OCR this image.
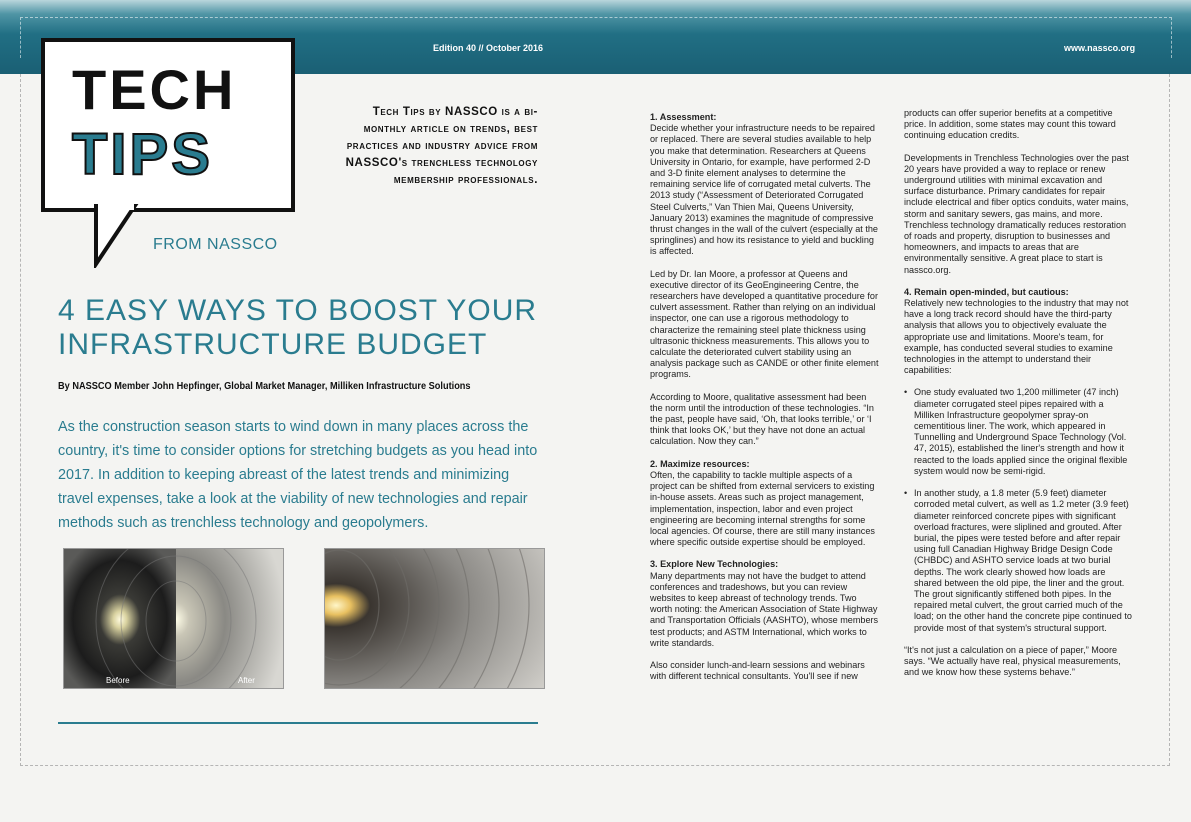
Edition 40 // October 2016	www.nassco.org
TECH
TIPS
FROM NASSCO
Tech Tips by NASSCO is a bi-monthly article on trends, best practices and industry advice from NASSCO's trenchless technology membership professionals.
4 EASY WAYS TO BOOST YOUR INFRASTRUCTURE BUDGET
By NASSCO Member John Hepfinger, Global Market Manager, Milliken Infrastructure Solutions
As the construction season starts to wind down in many places across the country, it's time to consider options for stretching budgets as you head into 2017. In addition to keeping abreast of the latest trends and minimizing travel expenses, take a look at the viability of new technologies and repair methods such as trenchless technology and geopolymers.
Before	After

1. Assessment:
Decide whether your infrastructure needs to be repaired or replaced. There are several studies available to help you make that determination. Researchers at Queens University in Ontario, for example, have performed 2-D and 3-D finite element analyses to determine the remaining service life of corrugated metal culverts. The 2013 study (“Assessment of Deteriorated Corrugated Steel Culverts,” Van Thien Mai, Queens University, January 2013) examines the magnitude of compressive thrust changes in the wall of the culvert (especially at the springlines) and how its resistance to yield and buckling is affected.

Led by Dr. Ian Moore, a professor at Queens and executive director of its GeoEngineering Centre, the researchers have developed a quantitative procedure for culvert assessment. Rather than relying on an individual inspector, one can use a rigorous methodology to characterize the remaining steel plate thickness using ultrasonic thickness measurements. This allows you to calculate the deteriorated culvert stability using an analysis package such as CANDE or other finite element programs.

According to Moore, qualitative assessment had been the norm until the introduction of these technologies. “In the past, people have said, ‘Oh, that looks terrible,’ or ‘I think that looks OK,’ but they have not done an actual calculation. Now they can.”

2. Maximize resources:
Often, the capability to tackle multiple aspects of a project can be shifted from external servicers to existing in-house assets. Areas such as project management, implementation, inspection, labor and even project engineering are becoming internal strengths for some local agencies. Of course, there are still many instances where specific outside expertise should be employed.

3. Explore New Technologies:
Many departments may not have the budget to attend conferences and tradeshows, but you can review websites to keep abreast of technology trends. Two worth noting: the American Association of State Highway and Transportation Officials (AASHTO), whose members test products; and ASTM International, which works to write standards.

Also consider lunch-and-learn sessions and webinars with different technical consultants. You'll see if new

products can offer superior benefits at a competitive price. In addition, some states may count this toward continuing education credits.

Developments in Trenchless Technologies over the past 20 years have provided a way to replace or renew underground utilities with minimal excavation and surface disturbance. Primary candidates for repair include electrical and fiber optics conduits, water mains, storm and sanitary sewers, gas mains, and more. Trenchless technology dramatically reduces restoration of roads and property, disruption to businesses and homeowners, and impacts to areas that are environmentally sensitive. A great place to start is nassco.org.

4. Remain open-minded, but cautious:
Relatively new technologies to the industry that may not have a long track record should have the third-party analysis that allows you to objectively evaluate the appropriate use and limitations. Moore's team, for example, has conducted several studies to examine technologies in the attempt to understand their capabilities:

• One study evaluated two 1,200 millimeter (47 inch) diameter corrugated steel pipes repaired with a Milliken Infrastructure geopolymer spray-on cementitious liner. The work, which appeared in Tunnelling and Underground Space Technology (Vol. 47, 2015), established the liner's strength and how it reacted to the loads applied since the original flexible system would now be semi-rigid.

• In another study, a 1.8 meter (5.9 feet) diameter corroded metal culvert, as well as 1.2 meter (3.9 feet) diameter reinforced concrete pipes with significant overload fractures, were sliplined and grouted. After burial, the pipes were tested before and after repair using full Canadian Highway Bridge Design Code (CHBDC) and ASHTO service loads at two burial depths. The work clearly showed how loads are shared between the old pipe, the liner and the grout. The grout significantly stiffened both pipes. In the repaired metal culvert, the grout carried much of the load; on the other hand the concrete pipe continued to provide most of that system's structural support.

“It's not just a calculation on a piece of paper,” Moore says. “We actually have real, physical measurements, and we know how these systems behave.”
